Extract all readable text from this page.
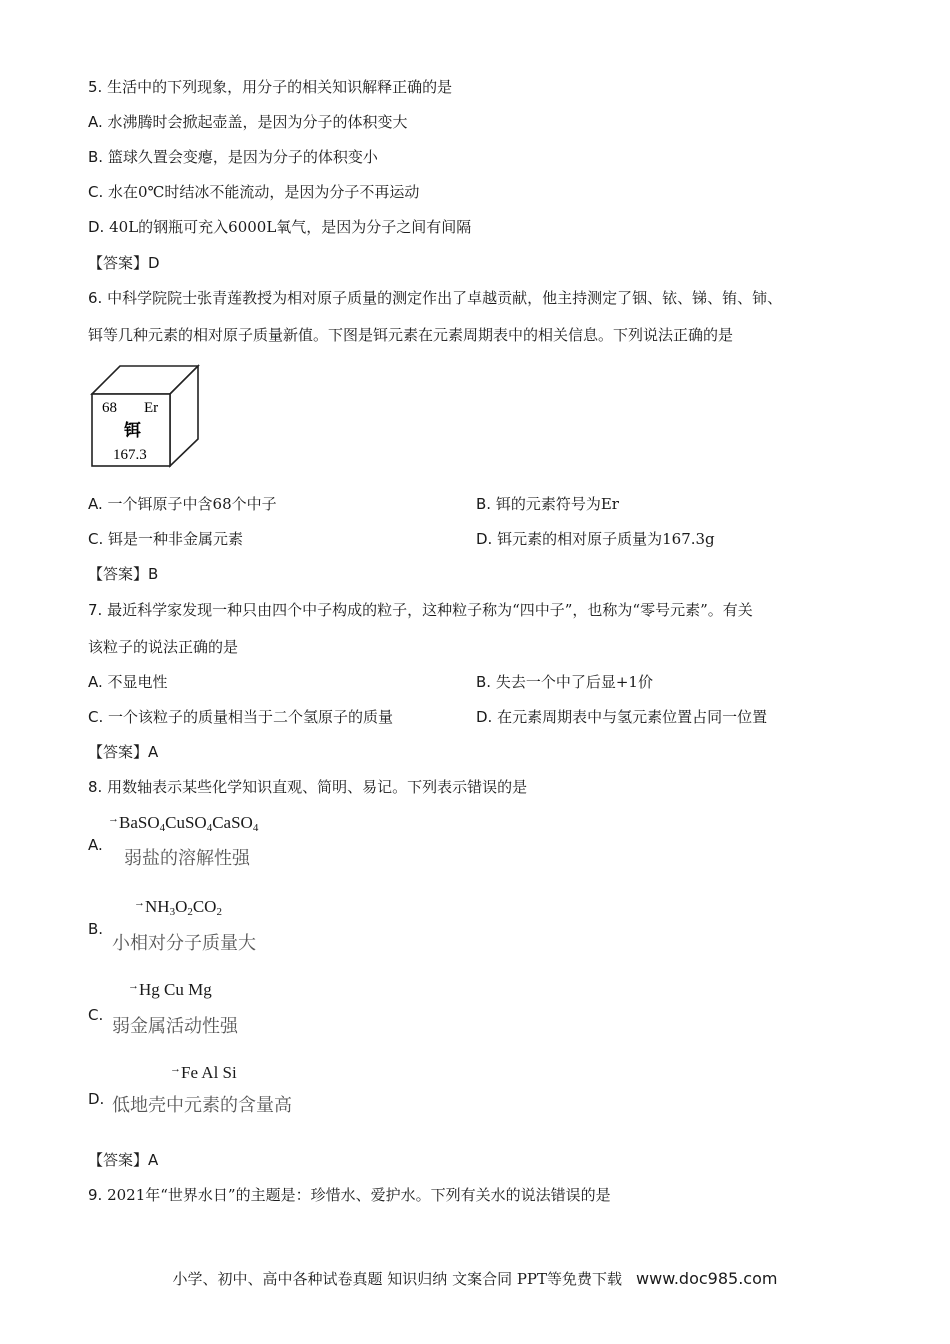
5. 生活中的下列现象，用分子的相关知识解释正确的是
A. 水沸腾时会掀起壶盖，是因为分子的体积变大
B. 篮球久置会变瘪，是因为分子的体积变小
C. 水在0℃时结冰不能流动，是因为分子不再运动
D. 40L的钢瓶可充入6000L氧气，是因为分子之间有间隔
【答案】D
6. 中科学院院士张青莲教授为相对原子质量的测定作出了卓越贡献，他主持测定了铟、铱、锑、铕、铈、
铒等几种元素的相对原子质量新值。下图是铒元素在元素周期表中的相关信息。下列说法正确的是
68 Er
铒
167.3
A. 一个铒原子中含68个中子	B. 铒的元素符号为Er
C. 铒是一种非金属元素	D. 铒元素的相对原子质量为167.3g
【答案】B
7. 最近科学家发现一种只由四个中子构成的粒子，这种粒子称为“四中子”，也称为“零号元素”。有关
该粒子的说法正确的是
A. 不显电性	B. 失去一个中了后显+1价
C. 一个该粒子的质量相当于二个氢原子的质量	D. 在元素周期表中与氢元素位置占同一位置
【答案】A
8. 用数轴表示某些化学知识直观、简明、易记。下列表示错误的是
→BaSO$_4$CuSO$_4$CaSO$_4$
A.
弱盐的溶解性强
$^\to NH_3O_2CO_2$
B.
小相对分子质量大
→Hg Cu Mg
C.
弱金属活动性强
→Fe Al Si
D. 低地壳中元素的含量高
【答案】A
9. 2021年“世界水日”的主题是：珍惜水、爱护水。下列有关水的说法错误的是
小学、初中、高中各种试卷真题 知识归纳 文案合同 PPT等免费下载 www.doc985.com
